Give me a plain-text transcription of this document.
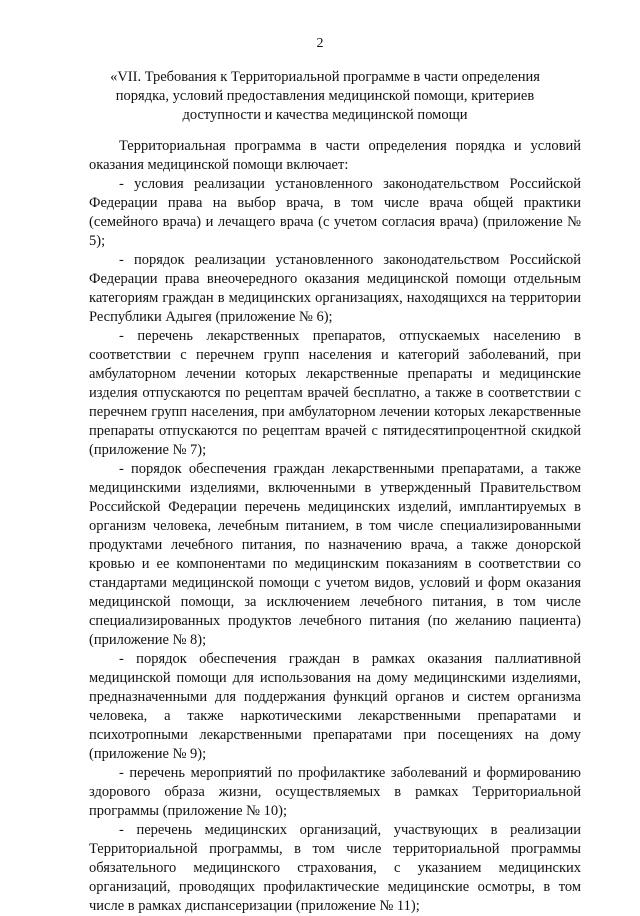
2
«VII. Требования к Территориальной программе в части определения порядка, условий предоставления медицинской помощи, критериев доступности и качества медицинской помощи

Территориальная программа в части определения порядка и условий оказания медицинской помощи включает:

- условия реализации установленного законодательством Российской Федерации права на выбор врача, в том числе врача общей практики (семейного врача) и лечащего врача (с учетом согласия врача) (приложение № 5);

- порядок реализации установленного законодательством Российской Федерации права внеочередного оказания медицинской помощи отдельным категориям граждан в медицинских организациях, находящихся на территории Республики Адыгея (приложение № 6);

- перечень лекарственных препаратов, отпускаемых населению в соответствии с перечнем групп населения и категорий заболеваний, при амбулаторном лечении которых лекарственные препараты и медицинские изделия отпускаются по рецептам врачей бесплатно, а также в соответствии с перечнем групп населения, при амбулаторном лечении которых лекарственные препараты отпускаются по рецептам врачей с пятидесятипроцентной скидкой (приложение № 7);

- порядок обеспечения граждан лекарственными препаратами, а также медицинскими изделиями, включенными в утвержденный Правительством Российской Федерации перечень медицинских изделий, имплантируемых в организм человека, лечебным питанием, в том числе специализированными продуктами лечебного питания, по назначению врача, а также донорской кровью и ее компонентами по медицинским показаниям в соответствии со стандартами медицинской помощи с учетом видов, условий и форм оказания медицинской помощи, за исключением лечебного питания, в том числе специализированных продуктов лечебного питания (по желанию пациента) (приложение № 8);

- порядок обеспечения граждан в рамках оказания паллиативной медицинской помощи для использования на дому медицинскими изделиями, предназначенными для поддержания функций органов и систем организма человека, а также наркотическими лекарственными препаратами и психотропными лекарственными препаратами при посещениях на дому (приложение № 9);

- перечень мероприятий по профилактике заболеваний и формированию здорового образа жизни, осуществляемых в рамках Территориальной программы (приложение № 10);

- перечень медицинских организаций, участвующих в реализации Территориальной программы, в том числе территориальной программы обязательного медицинского страхования, с указанием медицинских организаций, проводящих профилактические медицинские осмотры, в том числе в рамках диспансеризации (приложение № 11);
